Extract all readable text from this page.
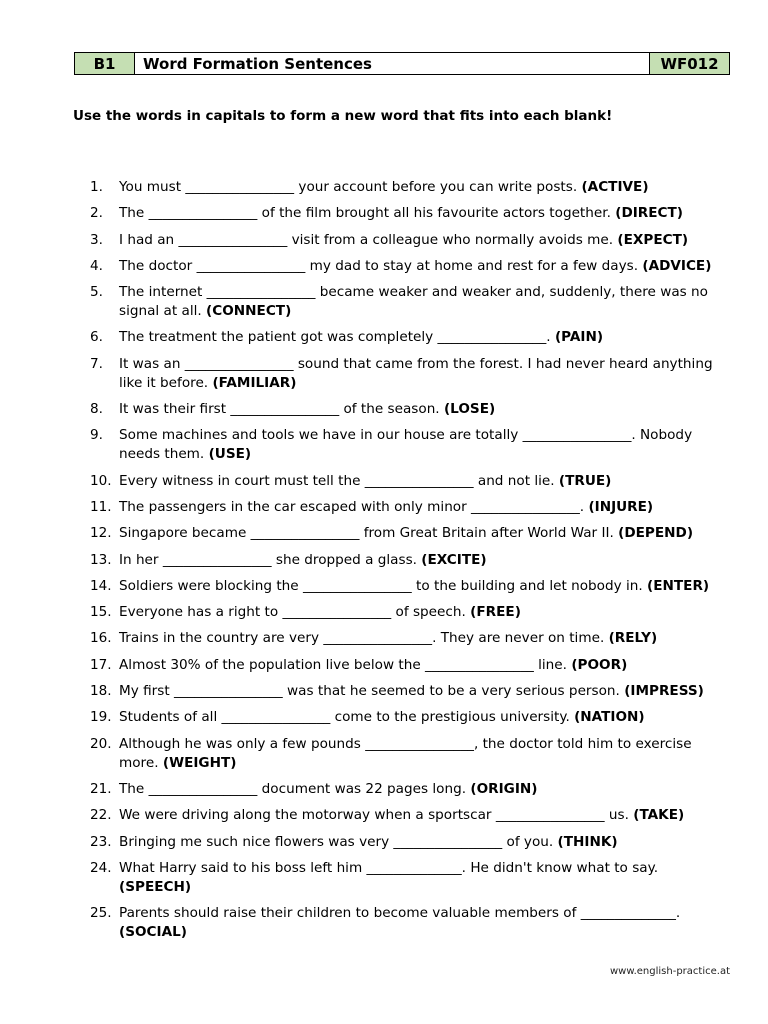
B1	Word Formation Sentences	WF012
Use the words in capitals to form a new word that fits into each blank!
1.	You must ________________ your account before you can write posts. (ACTIVE)
2.	The ________________ of the film brought all his favourite actors together. (DIRECT)
3.	I had an ________________ visit from a colleague who normally avoids me. (EXPECT)
4.	The doctor ________________ my dad to stay at home and rest for a few days. (ADVICE)
5.	The internet ________________ became weaker and weaker and, suddenly, there was no signal at all. (CONNECT)
6.	The treatment the patient got was completely ________________. (PAIN)
7.	It was an ________________ sound that came from the forest. I had never heard anything like it before. (FAMILIAR)
8.	It was their first ________________ of the season. (LOSE)
9.	Some machines and tools we have in our house are totally ________________. Nobody needs them. (USE)
10. Every witness in court must tell the ________________ and not lie. (TRUE)
11. The passengers in the car escaped with only minor ________________. (INJURE)
12. Singapore became ________________ from Great Britain after World War II. (DEPEND)
13. In her ________________ she dropped a glass. (EXCITE)
14. Soldiers were blocking the ________________ to the building and let nobody in. (ENTER)
15. Everyone has a right to ________________ of speech. (FREE)
16. Trains in the country are very ________________. They are never on time. (RELY)
17. Almost 30% of the population live below the ________________ line. (POOR)
18. My first ________________ was that he seemed to be a very serious person. (IMPRESS)
19. Students of all ________________ come to the prestigious university. (NATION)
20. Although he was only a few pounds ________________, the doctor told him to exercise more. (WEIGHT)
21. The ________________ document was 22 pages long. (ORIGIN)
22. We were driving along the motorway when a sportscar ________________ us. (TAKE)
23. Bringing me such nice flowers was very ________________ of you. (THINK)
24. What Harry said to his boss left him ______________. He didn't know what to say. (SPEECH)
25. Parents should raise their children to become valuable members of ______________. (SOCIAL)
www.english-practice.at
